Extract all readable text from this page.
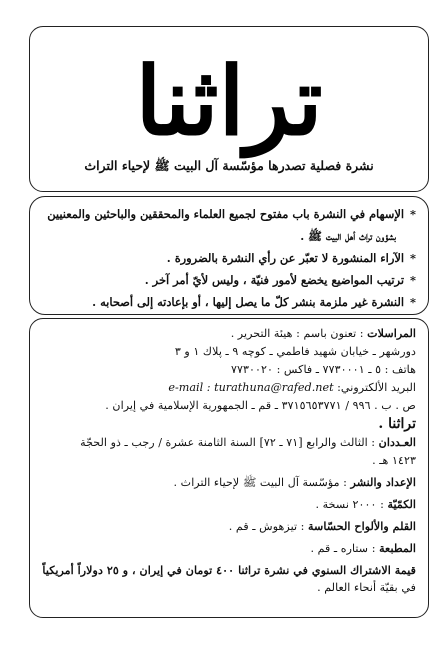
تراثنا
نشرة فصلية تصدرها مؤسّسة آل البيت ﷺ لإحياء التراث
* الإسهام في النشرة باب مفتوح لجميع العلماء والمحققين والباحثين والمعنيين
بشؤون تراث أهل البيت ﷺ .
* الآراء المنشورة لا تعبّر عن رأي النشرة بالضرورة .
* ترتيب المواضيع يخضع لأمور فنيّة ، وليس لأيّ أمر آخر .
* النشرة غير ملزمة بنشر كلّ ما يصل إليها ، أو بإعادته إلى أصحابه .
المراسلات : تعنون باسم : هيئة التحرير .
دورشهر ـ خيابان شهيد فاطمي ـ كوچه ٩ ـ پلاك ١ و ٣
هاتف : ٥ ـ ٧٧٣٠٠٠١ ـ فاكس : ٧٧٣٠٠٢٠
البريد الألكتروني: e-mail : turathuna@rafed.net
ص . ب . ٩٩٦ / ٣٧١٥٦٥٣٧٧١ ـ قم ـ الجمهورية الإسلامية في إيران .
تراثنا .
العـددان : الثالث والرابع [٧١ ـ ٧٢] السنة الثامنة عشرة / رجب ـ ذو الحجّة
١٤٢٣ هـ .
الإعداد والنشر : مؤسّسة آل البيت ﷺ لإحياء التراث .
الكمّيّة : ٢٠٠٠ نسخة .
القلم والألواح الحسّاسة : تيزهوش ـ قم .
المطبعة : ستاره ـ قم .
قيمة الاشتراك السنوي في نشرة تراثنا ٤٠٠ تومان في إيران ، و ٢٥ دولاراً أمريكياً
في بقيّة أنحاء العالم .
